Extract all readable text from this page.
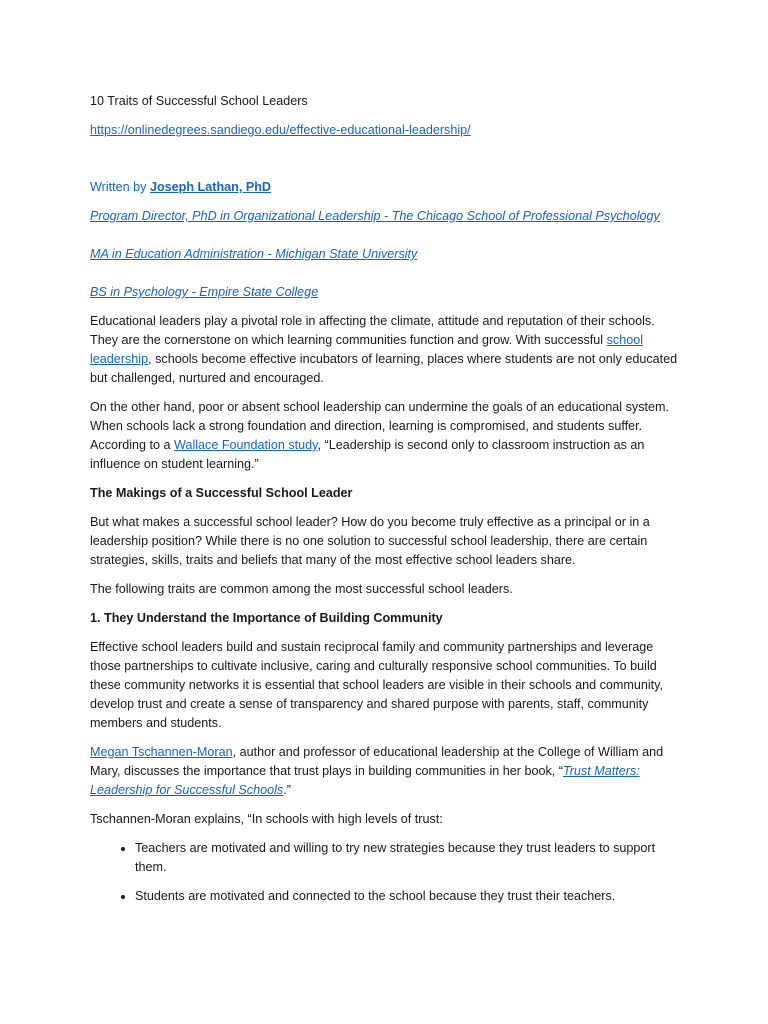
10 Traits of Successful School Leaders

https://onlinedegrees.sandiego.edu/effective-educational-leadership/

Written by Joseph Lathan, PhD

Program Director, PhD in Organizational Leadership - The Chicago School of Professional Psychology

MA in Education Administration - Michigan State University

BS in Psychology - Empire State College

Educational leaders play a pivotal role in affecting the climate, attitude and reputation of their schools. They are the cornerstone on which learning communities function and grow. With successful school leadership, schools become effective incubators of learning, places where students are not only educated but challenged, nurtured and encouraged.

On the other hand, poor or absent school leadership can undermine the goals of an educational system. When schools lack a strong foundation and direction, learning is compromised, and students suffer. According to a Wallace Foundation study, “Leadership is second only to classroom instruction as an influence on student learning.”

The Makings of a Successful School Leader

But what makes a successful school leader? How do you become truly effective as a principal or in a leadership position? While there is no one solution to successful school leadership, there are certain strategies, skills, traits and beliefs that many of the most effective school leaders share.

The following traits are common among the most successful school leaders.

1. They Understand the Importance of Building Community

Effective school leaders build and sustain reciprocal family and community partnerships and leverage those partnerships to cultivate inclusive, caring and culturally responsive school communities. To build these community networks it is essential that school leaders are visible in their schools and community, develop trust and create a sense of transparency and shared purpose with parents, staff, community members and students.

Megan Tschannen-Moran, author and professor of educational leadership at the College of William and Mary, discusses the importance that trust plays in building communities in her book, “Trust Matters: Leadership for Successful Schools.”

Tschannen-Moran explains, “In schools with high levels of trust:

• Teachers are motivated and willing to try new strategies because they trust leaders to support them.
• Students are motivated and connected to the school because they trust their teachers.
